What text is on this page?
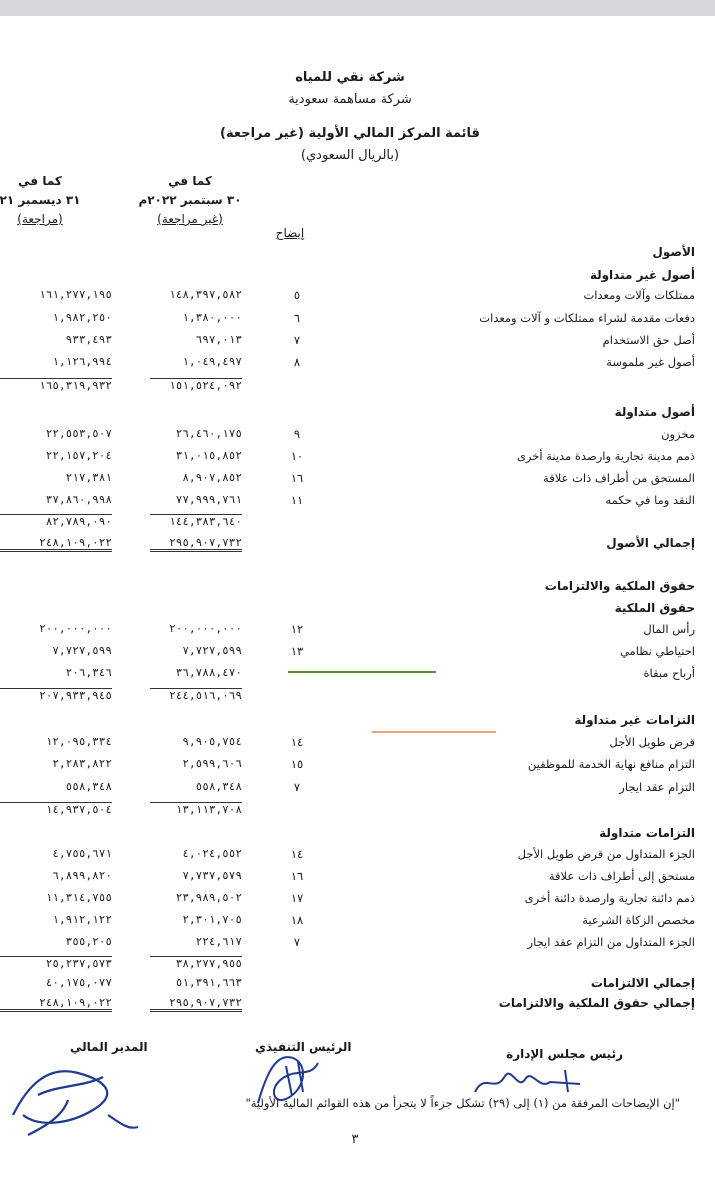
شركة نقي للمياه
شركة مساهمة سعودية
قائمة المركز المالي الأولية (غير مراجعة)
(بالريال السعودي)
كما في
٣٠ سبتمبر ٢٠٢٢م
(غير مراجعة)
كما في
٣١ ديسمبر ٢١
(مراجعة)
إيضاح
الأصول
أصول غير متداولة
ممتلكات وآلات ومعدات
٥
١٤٨,٣٩٧,٥٨٢
١٦١,٢٧٧,١٩٥
دفعات مقدمة لشراء ممتلكات و آلات ومعدات
٦
١,٣٨٠,٠٠٠
١,٩٨٢,٢٥٠
أصل حق الاستخدام
٧
٦٩٧,٠١٣
٩٣٣,٤٩٣
أصول غير ملموسة
٨
١,٠٤٩,٤٩٧
١,١٢٦,٩٩٤
١٥١,٥٢٤,٠٩٢
١٦٥,٣١٩,٩٣٢
أصول متداولة
مخزون
٩
٢٦,٤٦٠,١٧٥
٢٢,٥٥٣,٥٠٧
ذمم مدينة تجارية وارصدة مدينة أخرى
١٠
٣١,٠١٥,٨٥٢
٢٢,١٥٧,٢٠٤
المستحق من أطراف ذات علاقة
١٦
٨,٩٠٧,٨٥٢
٢١٧,٣٨١
النقد وما في حكمه
١١
٧٧,٩٩٩,٧٦١
٣٧,٨٦٠,٩٩٨
١٤٤,٣٨٣,٦٤٠
٨٢,٧٨٩,٠٩٠
إجمالي الأصول
٢٩٥,٩٠٧,٧٣٢
٢٤٨,١٠٩,٠٢٢
حقوق الملكية والالتزامات
حقوق الملكية
رأس المال
١٢
٢٠٠,٠٠٠,٠٠٠
٢٠٠,٠٠٠,٠٠٠
احتياطي نظامي
١٣
٧,٧٢٧,٥٩٩
٧,٧٢٧,٥٩٩
أرباح مبقاة
٣٦,٧٨٨,٤٧٠
٢٠٦,٣٤٦
٢٤٤,٥١٦,٠٦٩
٢٠٧,٩٣٣,٩٤٥
التزامات غير متداولة
قرض طويل الأجل
١٤
٩,٩٠٥,٧٥٤
١٢,٠٩٥,٣٣٤
التزام منافع نهاية الخدمة للموظفين
١٥
٢,٥٩٩,٦٠٦
٢,٢٨٣,٨٢٢
التزام عقد ايجار
٧
٥٥٨,٣٤٨
٥٥٨,٣٤٨
١٣,١١٣,٧٠٨
١٤,٩٣٧,٥٠٤
التزامات متداولة
الجزء المتداول من قرض طويل الأجل
١٤
٤,٠٢٤,٥٥٢
٤,٧٥٥,٦٧١
مستحق إلى أطراف ذات علاقة
١٦
٧,٧٣٧,٥٧٩
٦,٨٩٩,٨٢٠
ذمم دائنة تجارية وارصدة دائنة أخرى
١٧
٢٣,٩٨٩,٥٠٢
١١,٣١٤,٧٥٥
مخصص الزكاة الشرعية
١٨
٢,٣٠١,٧٠٥
١,٩١٢,١٢٢
الجزء المتداول من التزام عقد ايجار
٧
٢٢٤,٦١٧
٣٥٥,٢٠٥
٣٨,٢٧٧,٩٥٥
٢٥,٢٣٧,٥٧٣
إجمالي الالتزامات
٥١,٣٩١,٦٦٣
٤٠,١٧٥,٠٧٧
إجمالي حقوق الملكية والالتزامات
٢٩٥,٩٠٧,٧٣٢
٢٤٨,١٠٩,٠٢٢
رئيس مجلس الإدارة
الرئيس التنفيذي
المدير المالي
"إن الإيضاحات المرفقة من (١) إلى (٢٩) تشكل جزءاً لا يتجزأ من هذه القوائم المالية الأولية"
٣
